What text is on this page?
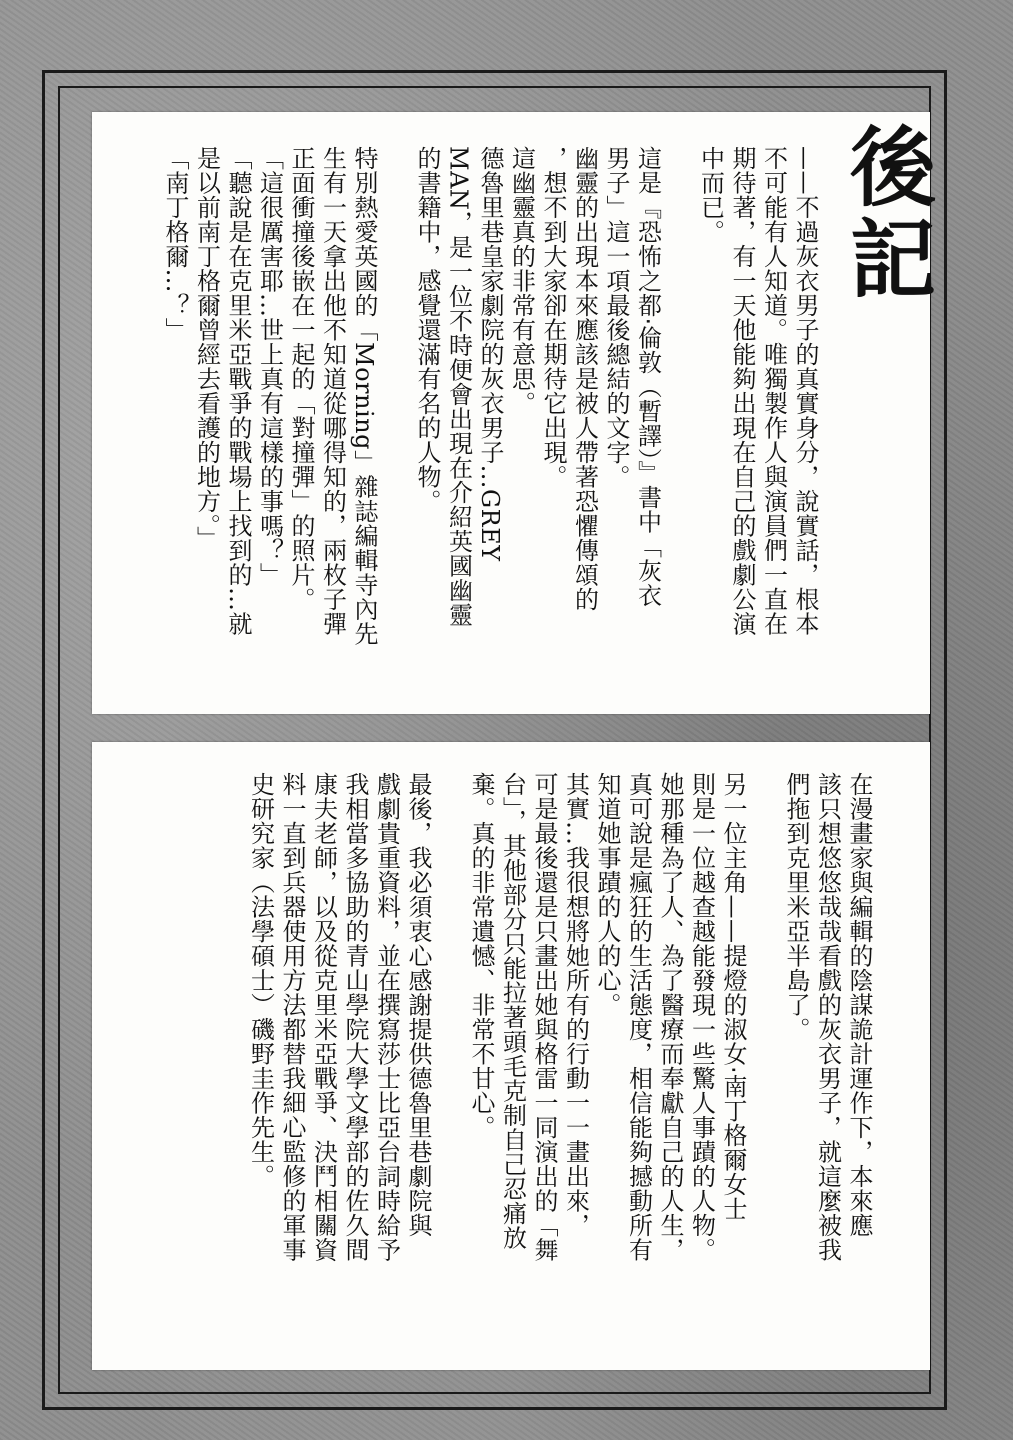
——不過灰衣男子的真實身分，說實話，根本
不可能有人知道。唯獨製作人與演員們一直在
期待著，有一天他能夠出現在自己的戲劇公演
中而已。

這是『恐怖之都‧倫敦（暫譯）』書中「灰衣
男子」這一項最後總結的文字。
幽靈的出現本來應該是被人帶著恐懼傳頌的
，想不到大家卻在期待它出現。
這幽靈真的非常有意思。
德魯里巷皇家劇院的灰衣男子…GREY
MAN，是一位不時便會出現在介紹英國幽靈
的書籍中，感覺還滿有名的人物。

特別熱愛英國的「Morning」雜誌編輯寺內先
生有一天拿出他不知道從哪得知的，兩枚子彈
正面衝撞後嵌在一起的「對撞彈」的照片。
「這很厲害耶…世上真有這樣的事嗎？」
「聽說是在克里米亞戰爭的戰場上找到的…就
是以前南丁格爾曾經去看護的地方。」
「南丁格爾…？」
在漫畫家與編輯的陰謀詭計運作下，本來應
該只想悠悠哉哉看戲的灰衣男子，就這麼被我
們拖到克里米亞半島了。

另一位主角——提燈的淑女‧南丁格爾女士
則是一位越查越能發現一些驚人事蹟的人物。
她那種為了人、為了醫療而奉獻自己的人生，
真可說是瘋狂的生活態度，相信能夠撼動所有
知道她事蹟的人的心。
其實…我很想將她所有的行動一一畫出來，
可是最後還是只畫出她與格雷一同演出的「舞
台」，其他部分只能拉著頭毛克制自己忍痛放
棄。真的非常遺憾、非常不甘心。

最後，我必須衷心感謝提供德魯里巷劇院與
戲劇貴重資料，並在撰寫莎士比亞台詞時給予
我相當多協助的青山學院大學文學部的佐久間
康夫老師，以及從克里米亞戰爭、決鬥相關資
料一直到兵器使用方法都替我細心監修的軍事
史研究家（法學碩士）磯野圭作先生。
後記
